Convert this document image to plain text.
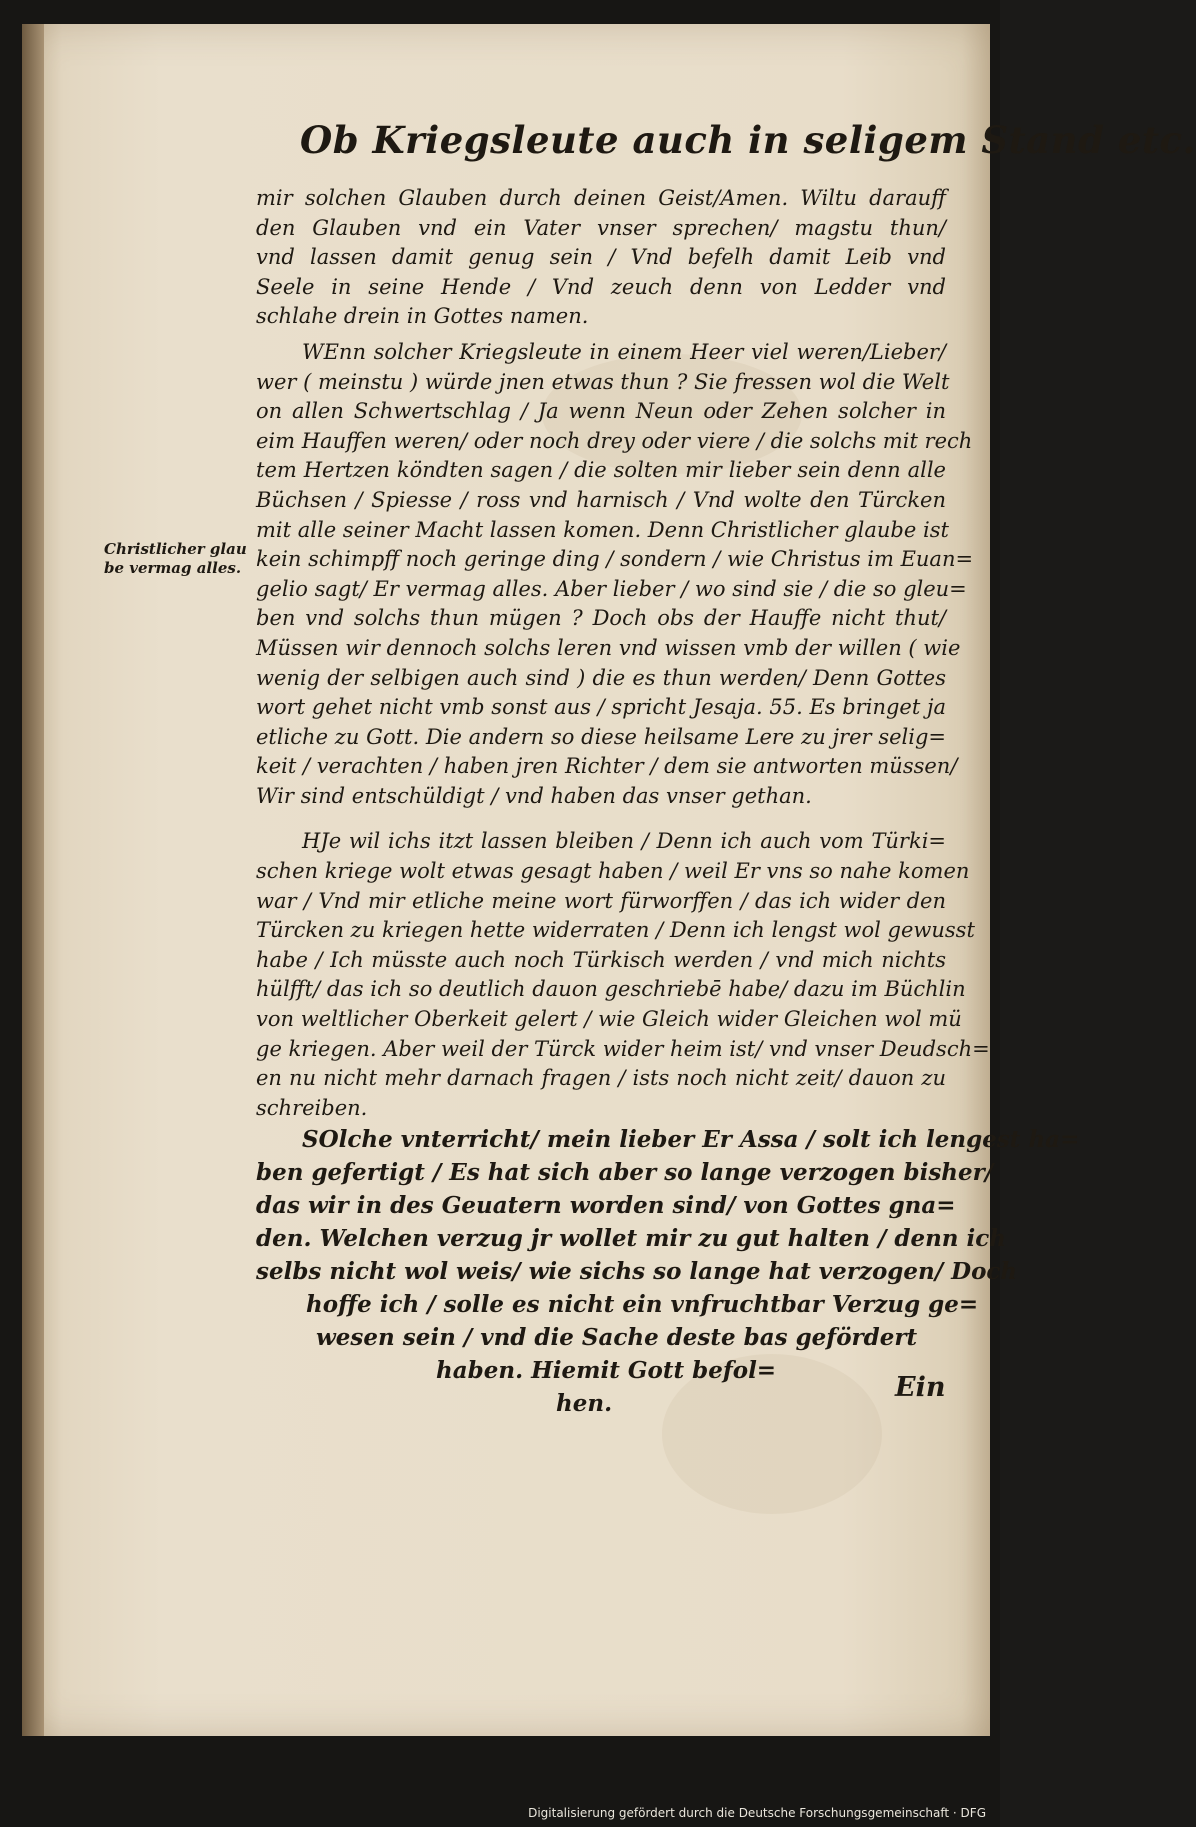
Ob Kriegsleute auch in seligem Stand etc.
Christlicher glau
be vermag alles.
mir solchen Glauben durch deinen Geist/Amen. Wiltu darauff
den Glauben vnd ein Vater vnser sprechen/ magstu thun/
vnd lassen damit genug sein / Vnd befelh damit Leib vnd
Seele in seine Hende / Vnd zeuch denn von Ledder vnd
schlahe drein in Gottes namen.
WEnn solcher Kriegsleute in einem Heer viel weren/Lieber/
wer ( meinstu ) würde jnen etwas thun ? Sie fressen wol die Welt
on allen Schwertschlag / Ja wenn Neun oder Zehen solcher in
eim Hauffen weren/ oder noch drey oder viere / die solchs mit rech
tem Hertzen köndten sagen / die solten mir lieber sein denn alle
Büchsen / Spiesse / ross vnd harnisch / Vnd wolte den Türcken
mit alle seiner Macht lassen komen. Denn Christlicher glaube ist
kein schimpff noch geringe ding / sondern / wie Christus im Euan=
gelio sagt/ Er vermag alles. Aber lieber / wo sind sie / die so gleu=
ben vnd solchs thun mügen ? Doch obs der Hauffe nicht thut/
Müssen wir dennoch solchs leren vnd wissen vmb der willen ( wie
wenig der selbigen auch sind ) die es thun werden/ Denn Gottes
wort gehet nicht vmb sonst aus / spricht Jesaja. 55. Es bringet ja
etliche zu Gott. Die andern so diese heilsame Lere zu jrer selig=
keit / verachten / haben jren Richter / dem sie antworten müssen/
Wir sind entschüldigt / vnd haben das vnser gethan.
HJe wil ichs itzt lassen bleiben / Denn ich auch vom Türki=
schen kriege wolt etwas gesagt haben / weil Er vns so nahe komen
war / Vnd mir etliche meine wort fürworffen / das ich wider den
Türcken zu kriegen hette widerraten / Denn ich lengst wol gewusst
habe / Ich müsste auch noch Türkisch werden / vnd mich nichts
hülfft/ das ich so deutlich dauon geschriebē habe/ dazu im Büchlin
von weltlicher Oberkeit gelert / wie Gleich wider Gleichen wol mü
ge kriegen. Aber weil der Türck wider heim ist/ vnd vnser Deudsch=
en nu nicht mehr darnach fragen / ists noch nicht zeit/ dauon zu
schreiben.
SOlche vnterricht/ mein lieber Er Assa / solt ich lengest ha=
ben gefertigt / Es hat sich aber so lange verzogen bisher/
das wir in des Geuatern worden sind/ von Gottes gna=
den. Welchen verzug jr wollet mir zu gut halten / denn ich
selbs nicht wol weis/ wie sichs so lange hat verzogen/ Doch
hoffe ich / solle es nicht ein vnfruchtbar Verzug ge=
wesen sein / vnd die Sache deste bas gefördert
haben. Hiemit Gott befol=
hen.
Ein
Digitalisierung gefördert durch die Deutsche Forschungsgemeinschaft · DFG
